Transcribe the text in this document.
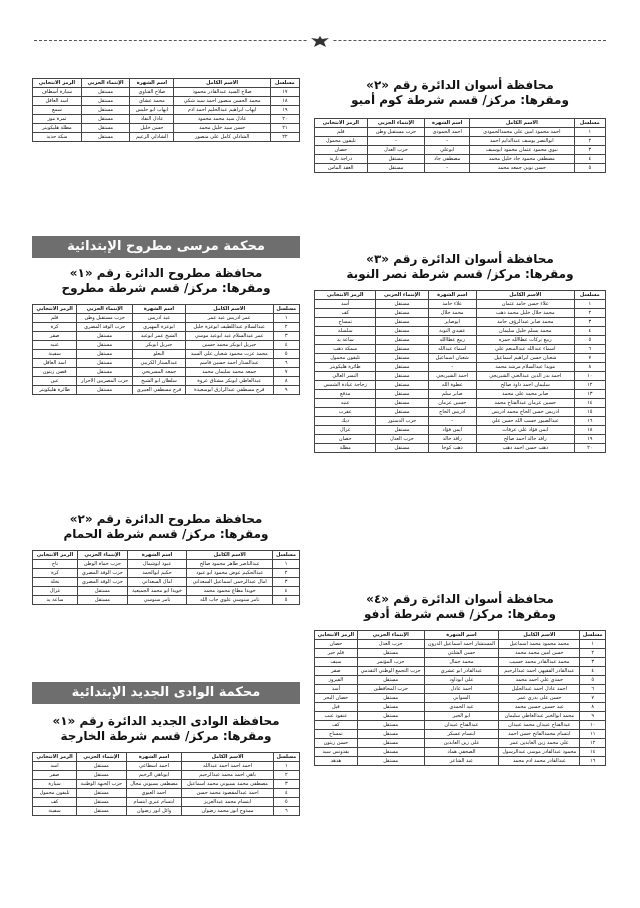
محافظة أسوان الدائرة رقم «٢»

ومقرها: مركز/ قسم شرطة كوم أمبو

مسلسل	الاسم الكامل	اسم الشهرة	الإنتماء الحزبي	الرمز الانتخابي
١	احمد محمود امين على محمدالحمودى	احمد الحمودى	حزب مستقبل وطن	قلم
٢	ابوالنصر يوسف عبدالدايم احمد	-	-	تليفون محمول
٣	نبوي محمود عثمان محمود ابوسيف	ابوعلي	حزب العدل	حصان
٤	مصطفى محمود جاد خليل محمد	مصطفى جاد	مستقل	دراجة نارية
٥	حسن نوبي جمعه محمد	-	مستقل	العقد الماس

محافظة أسوان الدائرة رقم «٣»

ومقرها: مركز/ قسم شرطة نصر النوبة

مسلسل	الاسم الكامل	اسم الشهرة	الإنتماء الحزبي	الرمز الانتخابي
١	علاء حسن حامد عثمان	علاء حامد	مستقل	أسد
٢	محمد جلال خليل محمد ذهب	محمد جلال	مستقل	كف
٣	محمد صابر عبدالرؤف حامد	ابوصابر	مستقل	تمساح
٤	محمد يسلم خليل سليمان	عقيدي النوبة	مستقل	سلسلة
٥	ربيع بركات عطاالله حمزه	ربيع عطاالله	مستقل	ساعة يد
٦	اسماء عبدالله عبدالمنعم علي	اسماء عبدالله	مستقل	سمكة ذهب
٧	شعبان حسن ابراهيم اسماعيل	شعبان اسماعيل	مستقل	تليفون محمول
٨	مويدا عبدالسلام مرشد محمد	-	مستقل	طائرة هليكوبتر
١٠	احمد بدر الدين عبدالغني الشيربجي	احمد الشيربجي	مستقل	النسر العالي
١٢	سليمان احمد داود صالح	عطوة الله	مستقل	زجاجة عبادة الشمس
١٣	صابر محمد على محمد	صابر سلم	مستقل	مدفع
١٤	حسين عزمان عبدالفتاح محمد	حسين عزمان	مستقل	عنبه
١٥	ادريس حسن الحاج محمد ادريس	ادريس الحاج	مستقل	عقرب
١٦	عبدالصبور حسب الله حسن علي	-	حزب الدستور	ديك
١٨	ايمن فؤاد على عرفات	ايمن فؤاد	مستقل	غزال
١٩	رافد خالد احمد صالح	رافد خالد	حزب العدل	حصان
٢٠	دهب حسن احمد دهب	دهب كوجا	مستقل	مظلة

محافظة أسوان الدائرة رقم «٤»

ومقرها: مركز/ قسم شرطة أدفو

مسلسل	الاسم الكامل	اسم الشهرة	الإنتماء الحزبي	الرمز الانتخابي
١	محمد محمود محمد اسماعيل	المستشار احمد اسماعيل الدرون	حزب العدل	حصان
٢	حسن امين محمد محمد	حسن الشلتي	مستقل	قلم حبر
٣	محمد عبدالقادر محمد حسيب	محمد جمال	حزب المؤتمر	سيف
٤	عبدالقادر الفقيهي احمد عبدالرحيم	عبدالقادر ابو عشري	حزب التجمع الوطني التقدمي	صقر
٥	حمدي علي احمد محمد	على ابوداود	مستقل	الفيروز
٦	احمد عادل احمد عبدالجليل	احمد عادل	حزب المحافظين	أسد
٧	حسن على بدري عمر	السوابي	مستقل	حصان البحر
٨	عيد حسين حسين محمد	عيد الحمدي	مستقل	فيل
٩	محمد ابوالخير عبدالعاطي سليمان	ابو الخير	مستقل	عنقود عنب
١٠	عبدالفتاح عبيدان محمد عبيدان	عبدالفتاح عبيدان	مستقل	كف
١١	ابتسام محمدالفاتح حسن احمد	ابتسام عسكر	مستقل	تمساح
١٢	على محمد زين العابدين عمر	على زين العابدين	مستقل	حسن زيتون
١٤	محمود عبدالقادر موسى عبدالرسول	الصحفي هماد	مستقل	بقدونس سيد
١٦	عبدالقادر محمد ادم محمد	عبد الشاعر	مستقل	هدهد
مسلسل	الاسم الكامل	اسم الشهرة	الإنتماء الحزبي	الرمز الانتخابي
١٧	صلاح السيد عبدالقادر محمود	صلاح القناوي	مستقل	سيارة أسطاف
١٨	محمد الحسن منصور احمد سيد شكي	محمد عشاي	مستقل	اسد العاقل
١٩	ايهاب ابراهيم عبدالحليم احمد ادم	ايهاب ابو حليس	مستقل	سمع
٢٠	عادل سيد محمد محمود	عادل النقاد	مستقل	ثمرة موز
٢١	حسن سيد خليل محمد	حسن خليل	مستقل	مظلة هليكوبتر
٢٢	الشاذلي كامل على منصور	الشاذلي الزعيم	مستقل	سكة حديد
محكمة مرسى مطروح الإبتدائية

محافظة مطروح الدائرة رقم «١»

ومقرها: مركز/ قسم شرطة مطروح

مسلسل	الاسم الكامل	اسم الشهرة	الإنتماء الحزبي	الرمز الانتخابي
١	عمر ادريس عيد عمر	عيد ادريس	حزب مستقبل وطن	قلم
٢	عبدالسلام عبداللطيف ابوعزة خليل	ابوعزة المهيري	حزب الوفد المصري	كرة
٣	عمر عبدالسلام عيد ابوعيد موسي	الشيخ عمر ابوعيد	مستقل	صقر
٤	جبريل ابوبكر محمد حسين	جبريل ابوبكر	مستقل	عنبه
٥	محمد عزت محمود شعبان على السيد	البعلو	مستقل	سفينة
٦	عبدالستار احمد حسين قاسم	عبدالستار الكريبي	مستقل	اسد العاقل
٧	جمعه محمد سليمان محمد	جمعه المسريحي	مستقل	قصن زيتون
٨	عبدالعاطي ابوبكر مشتاق عروة	سلطان ابو الشيخ	حزب المصريين الاحرار	عين
٩	فرج مسطفي عبدالرازق ابوسعيدة	فرج مسطفي العبيري	مستقل	طائرة هليكوبتر

محافظة مطروح الدائرة رقم «٢»

ومقرها: مركز/ قسم شرطة الحمام

مسلسل	الاسم الكامل	اسم الشهرة	الإنتماء الحزبي	الرمز الانتخابي
١	عبدالناصر طاهر محمود صالح	عبود ابوشمال	حزب حماة الوطن	تاج
٢	عبدالحكيم عوض محمود ابو عبود	حكيم ابوالحمد	حزب الوفد المصري	كرة
٣	امال عبدالرحمن اسماعيل السعداني	امال السعداني	حزب الوفد المصري	نخلة
٤	خويدا مطاع محمود محمد	خويدا ابو محمد الجميعية	مستقل	غزال
٥	تامر سنوسي علوي جاب الله	تامر سنوسي	مستقل	ساعة يد
محكمة الوادى الجديد الإبتدائية

محافظة الوادى الجديد الدائرة رقم «١»

ومقرها: مركز/ قسم شرطة الخارجة

مسلسل	الاسم الكامل	اسم الشهرة	الإنتماء الحزبي	الرمز الانتخابي
١	احمد احمد احمد عبدالله	احمد اسطاعي	مستقل	اسد
٢	باهي احمد محمد عبدالرحيم	ابوباهي الرحيم	مستقل	صقر
٣	مصطفى محمد بسيوني محمد اسماعيل	مصطفى بسيوني مجال	حزب الجبهة الوطنية	سيارة
٤	احمد عبدالمقصود محمد حسن	احمد العيوي	مستقل	تليفون محمول
٥	ابتسام محمد عبدالعزيز	ابتسام عبري ابتسام	مستقل	كف
٦	ممدوح انور محمد رضوان	وائل انور رضوان	مستقل	سفينة
